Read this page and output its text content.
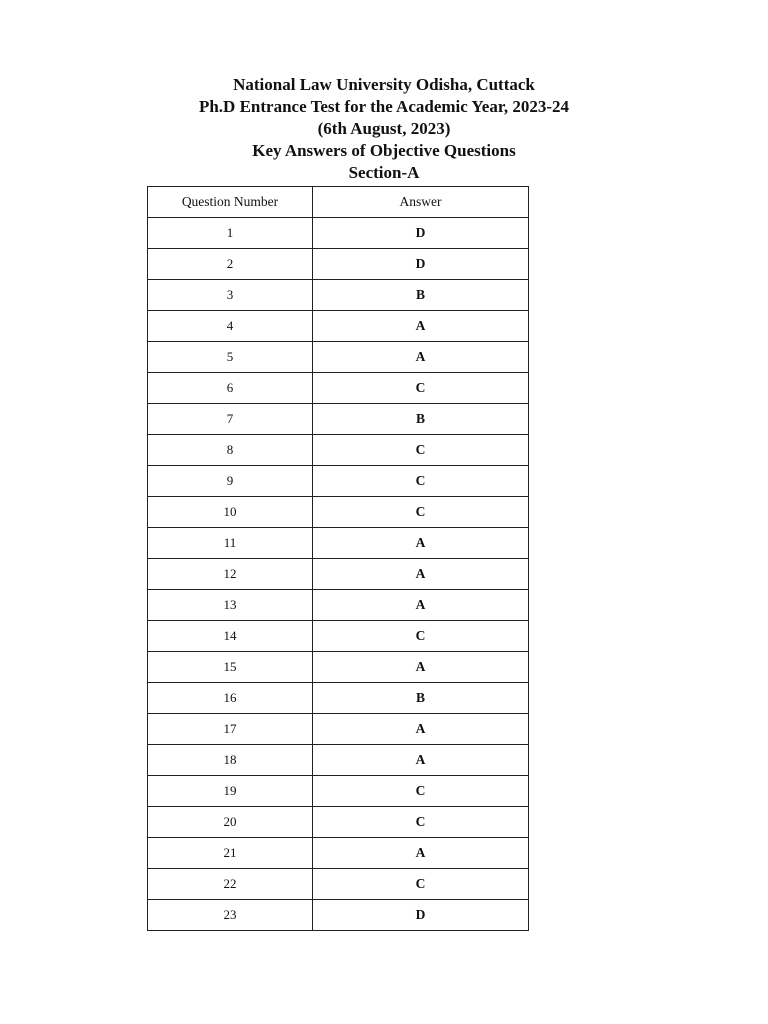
National Law University Odisha, Cuttack
Ph.D Entrance Test for the Academic Year, 2023-24
(6th August, 2023)
Key Answers of Objective Questions
Section-A
Question Number	Answer
1	D
2	D
3	B
4	A
5	A
6	C
7	B
8	C
9	C
10	C
11	A
12	A
13	A
14	C
15	A
16	B
17	A
18	A
19	C
20	C
21	A
22	C
23	D
